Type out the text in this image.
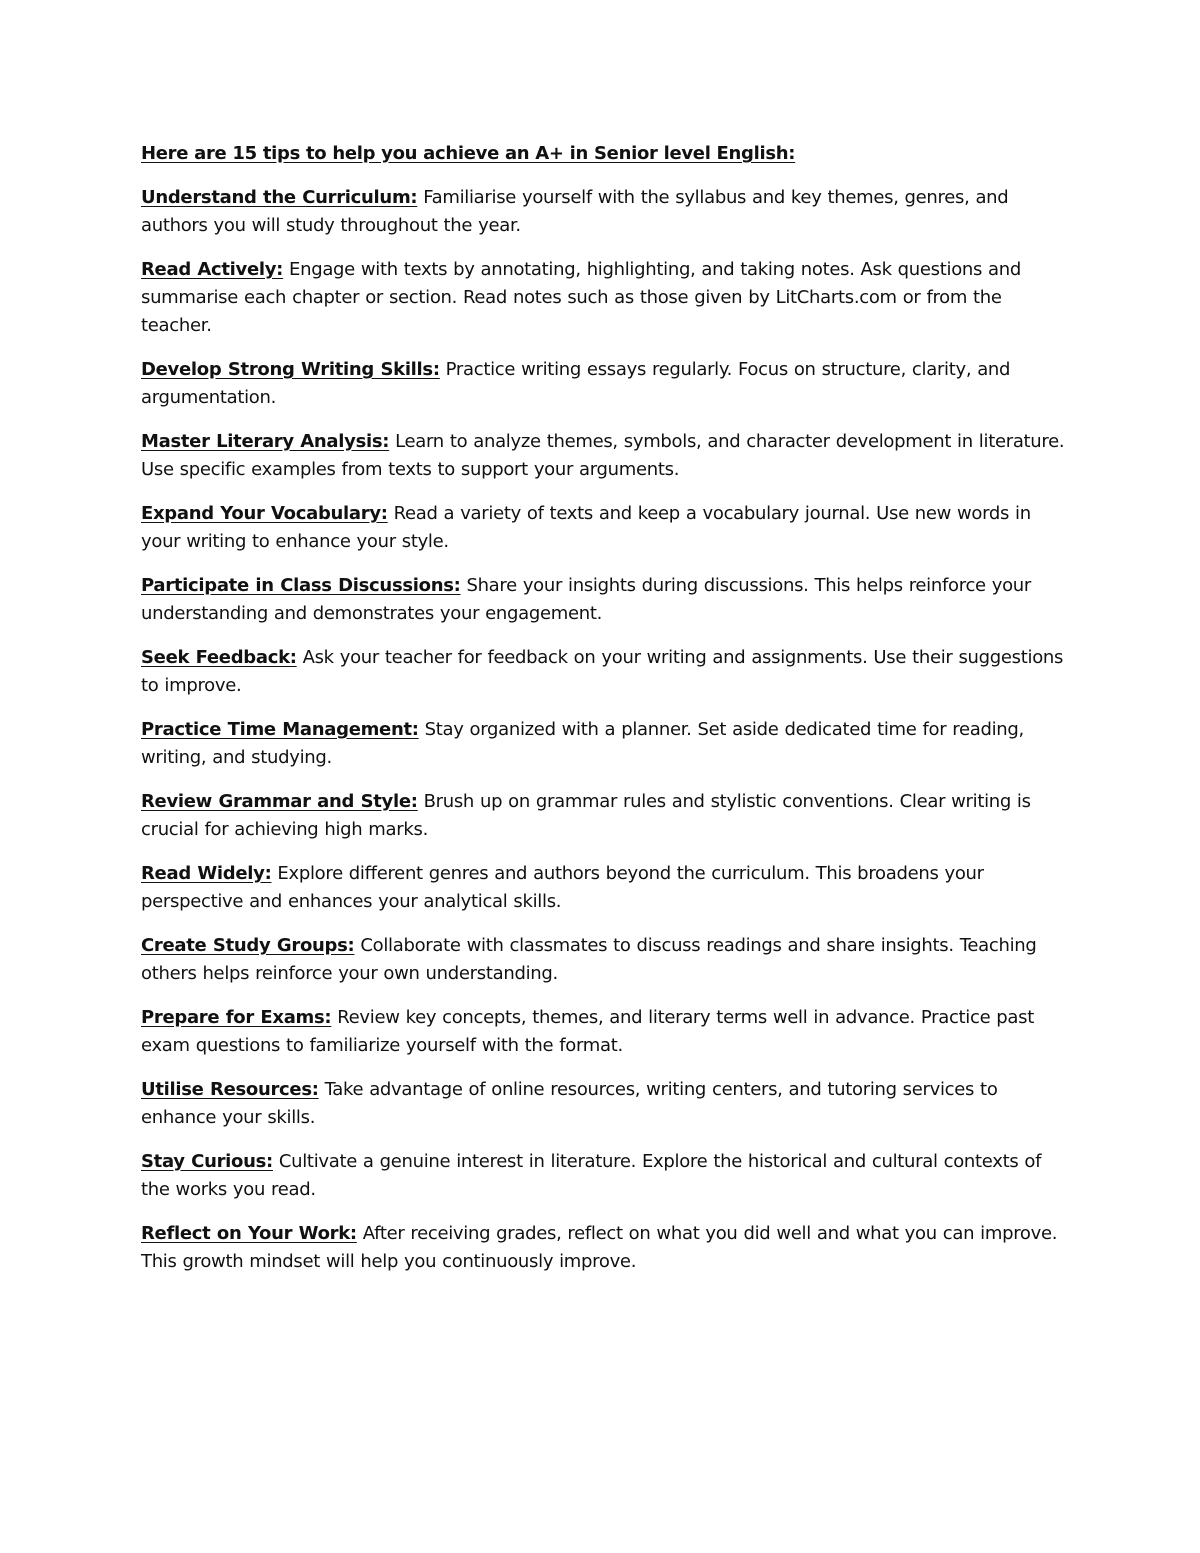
Here are 15 tips to help you achieve an A+ in Senior level English:

Understand the Curriculum: Familiarise yourself with the syllabus and key themes, genres, and authors you will study throughout the year.

Read Actively: Engage with texts by annotating, highlighting, and taking notes. Ask questions and summarise each chapter or section. Read notes such as those given by LitCharts.com or from the teacher.

Develop Strong Writing Skills: Practice writing essays regularly. Focus on structure, clarity, and argumentation.

Master Literary Analysis: Learn to analyze themes, symbols, and character development in literature. Use specific examples from texts to support your arguments.

Expand Your Vocabulary: Read a variety of texts and keep a vocabulary journal. Use new words in your writing to enhance your style.

Participate in Class Discussions: Share your insights during discussions. This helps reinforce your understanding and demonstrates your engagement.

Seek Feedback: Ask your teacher for feedback on your writing and assignments. Use their suggestions to improve.

Practice Time Management: Stay organized with a planner. Set aside dedicated time for reading, writing, and studying.

Review Grammar and Style: Brush up on grammar rules and stylistic conventions. Clear writing is crucial for achieving high marks.

Read Widely: Explore different genres and authors beyond the curriculum. This broadens your perspective and enhances your analytical skills.

Create Study Groups: Collaborate with classmates to discuss readings and share insights. Teaching others helps reinforce your own understanding.

Prepare for Exams: Review key concepts, themes, and literary terms well in advance. Practice past exam questions to familiarize yourself with the format.

Utilise Resources: Take advantage of online resources, writing centers, and tutoring services to enhance your skills.

Stay Curious: Cultivate a genuine interest in literature. Explore the historical and cultural contexts of the works you read.

Reflect on Your Work: After receiving grades, reflect on what you did well and what you can improve. This growth mindset will help you continuously improve.
